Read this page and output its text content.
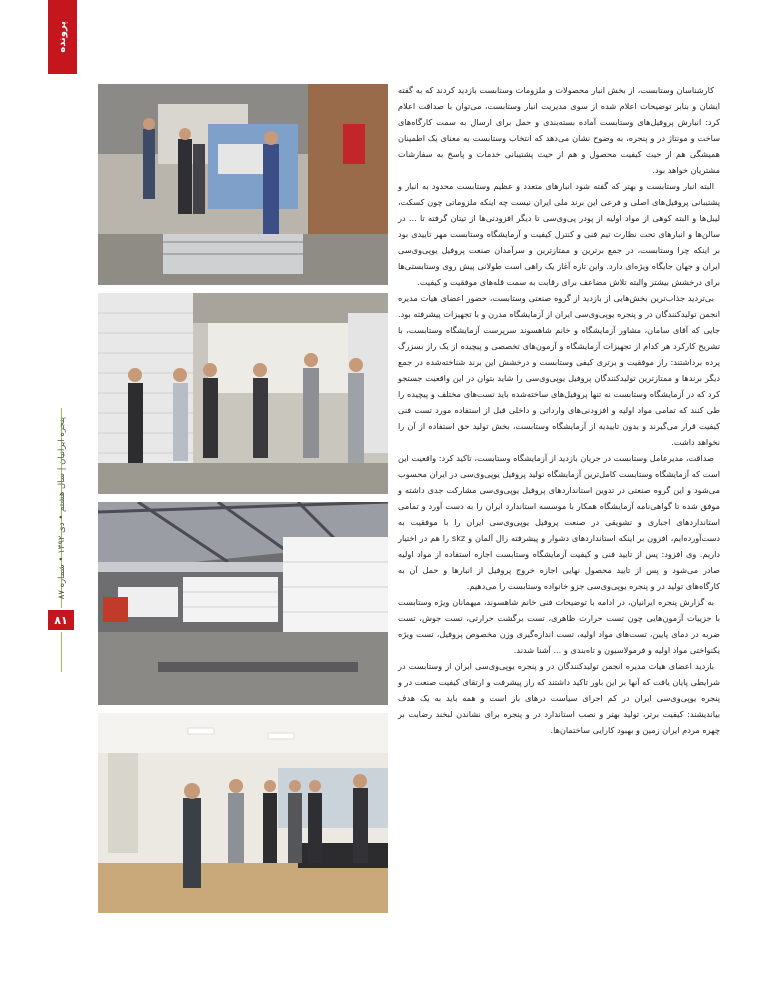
پرونده
پنجره ایرانیان | سال هشتم • دی ۱۳۹۲ • شماره ۸۷
۸۱

کارشناسان وستابست، از بخش انبار محصولات و ملزومات وستابست بازدید کردند که به گفته ایشان و بنابر توضیحات اعلام شده از سوی مدیریت انبار وستابست، می‌توان با صداقت اعلام کرد: انبارش پروفیل‌های وستابست آماده بسته‌بندی و حمل برای ارسال به سمت کارگاه‌های ساخت و مونتاژ در و پنجره، به وضوح نشان می‌دهد که انتخاب وستابست به معنای یک اطمینان همیشگی هم از حیث کیفیت محصول و هم از حیث پشتیبانی خدمات و پاسخ به سفارشات مشتریان خواهد بود.

البته انبار وستابست و بهتر که گفته شود انبارهای متعدد و عظیم وستابست محدود به انبار و پشتیبانی پروفیل‌های اصلی و فرعی این برند ملی ایران نیست چه اینکه ملزوماتی چون کسکت، لیبل‌ها و البته کوهی از مواد اولیه از پودر پی‌وی‌سی تا دیگر افزودنی‌ها از تیتان گرفته تا ... در سالن‌ها و انبارهای تحت نظارت تیم فنی و کنترل کیفیت و آزمایشگاه وستابست مهر تاییدی بود بر اینکه چرا وستابست، در جمع برترین و ممتازترین و سرآمدان صنعت پروفیل یوپی‌وی‌سی ایران و جهان جایگاه ویژه‌ای دارد. واین تازه آغاز یک راهی است طولانی پیش روی وستابستی‌ها برای درخشش بیشتر والبته تلاش مضاعف برای رقابت به سمت قله‌های موفقیت و کیفیت.

بی‌تردید جذاب‌ترین بخش‌هایی از بازدید از گروه صنعتی وستابست، حضور اعضای هیات مدیره انجمن تولیدکنندگان در و پنجره یوپی‌وی‌سی ایران از آزمایشگاه مدرن و با تجهیزات پیشرفته بود. جایی که آقای سامان، مشاور آزمایشگاه و خانم شاهسوند سرپرست آزمایشگاه وستابست، با تشریح کارکرد هر کدام از تجهیزات آزمایشگاه و آزمون‌های تخصصی و پیچیده از یک راز بسزرگ پرده برداشتند: راز موفقیت و برتری کیفی وستابست و درخشش این برند شناخته‌شده در جمع دیگر برندها و ممتازترین تولیدکنندگان پروفیل یوپی‌وی‌سی را شاید بتوان در این واقعیت جستجو کرد که در آزمایشگاه وستابست نه تنها پروفیل‌های ساخته‌شده باید تست‌های مختلف و پیچیده را طی کنند که تمامی مواد اولیه و افزودنی‌های وارداتی و داخلی قبل از استفاده مورد تست فنی کیفیت قرار می‌گیرند و بدون تاییدیه از آزمایشگاه وستابست، بخش تولید حق استفاده از آن را نخواهد داشت.

صداقت، مدیرعامل وستابست در جریان بازدید از آزمایشگاه وستابست، تاکید کرد: واقعیت این است که آزمایشگاه وستابست کامل‌ترین آزمایشگاه تولید پروفیل یوپی‌وی‌سی در ایران محسوب می‌شود و این گروه صنعتی در تدوین استانداردهای پروفیل یوپی‌وی‌سی مشارکت جدی داشته و موفق شده تا گواهی‌نامه آزمایشگاه همکار با موسسه استاندارد ایران را به دست آورد و تمامی استانداردهای اجباری و تشویقی در صنعت پروفیل یوپی‌وی‌سی ایران را با موفقیت به دست‌آورده‌ایم، افزون بر اینکه استانداردهای دشوار و پیشرفته رال آلمان و skz را هم در اختیار داریم. وی افزود: پس از تایید فنی و کیفیت آزمایشگاه وستابست اجازه استفاده از مواد اولیه صادر می‌شود و پس از تایید محصول نهایی اجازه خروج پروفیل از انبارها و حمل آن به کارگاه‌های تولید در و پنجره یوپی‌وی‌سی جزو خانواده وستابست را می‌دهیم.

به گزارش پنجره ایرانیان، در ادامه با توضیحات فنی خانم شاهسوند، میهمانان ویژه وستابست با جزییات آزمون‌هایی چون تست حرارت ظاهری، تست برگشت حرارتی، تست جوش، تست ضربه در دمای پایین، تست‌های مواد اولیه، تست اندازه‌گیری وزن مخصوص پروفیل، تست ویژه یکنواختی مواد اولیه و فرمولاسیون و تاه‌بندی و ... آشنا شدند.

بازدید اعضای هیات مدیره انجمن تولیدکنندگان در و پنجره یوپی‌وی‌سی ایران از وستابست در شرایطی پایان یافت که آنها بر این باور تاکید داشتند که راز پیشرفت و ارتقای کیفیت صنعت در و پنجره یوپی‌وی‌سی ایران در کم اجرای سیاست درهای باز است و همه باید به یک هدف بیاندیشند: کیفیت برتر، تولید بهتر و نصب استاندارد در و پنجره برای نشاندن لبخند رضایت بر چهره مردم ایران زمین و بهبود کارایی ساختمان‌ها.
